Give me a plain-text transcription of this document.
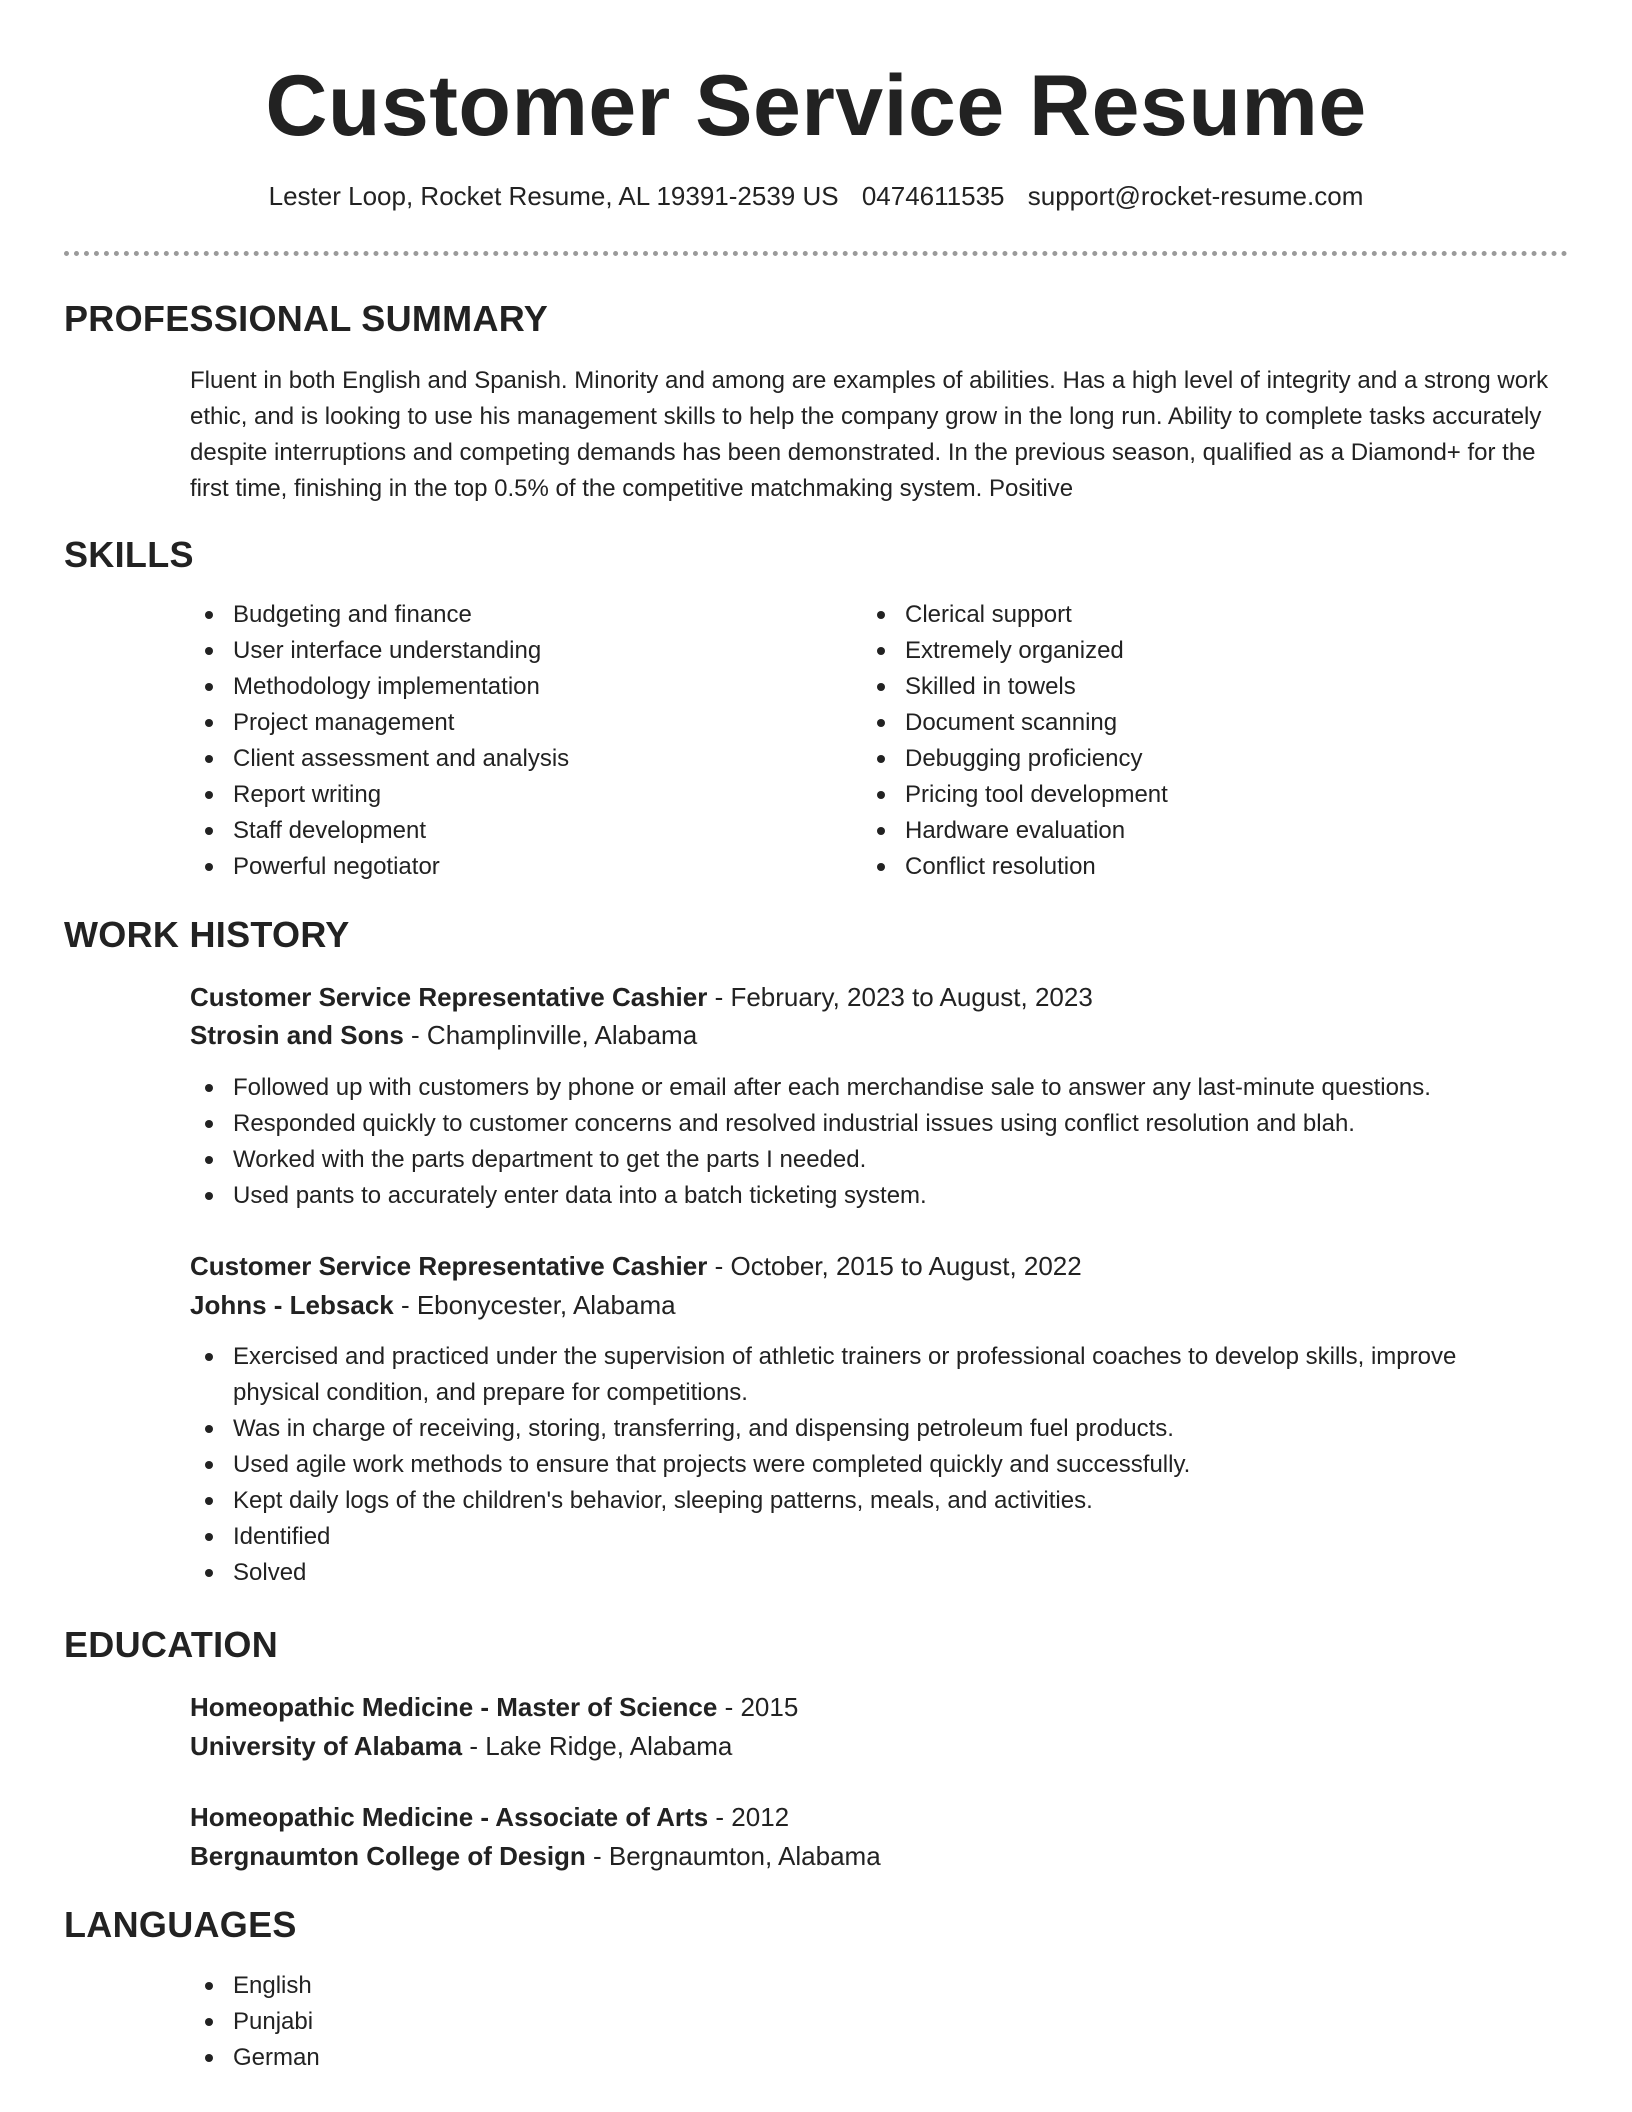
Customer Service Resume
Lester Loop, Rocket Resume, AL 19391-2539 US 0474611535 support@rocket-resume.com
PROFESSIONAL SUMMARY
Fluent in both English and Spanish. Minority and among are examples of abilities. Has a high level of integrity and a strong work ethic, and is looking to use his management skills to help the company grow in the long run. Ability to complete tasks accurately despite interruptions and competing demands has been demonstrated. In the previous season, qualified as a Diamond+ for the first time, finishing in the top 0.5% of the competitive matchmaking system. Positive
SKILLS
Budgeting and finance
User interface understanding
Methodology implementation
Project management
Client assessment and analysis
Report writing
Staff development
Powerful negotiator
Clerical support
Extremely organized
Skilled in towels
Document scanning
Debugging proficiency
Pricing tool development
Hardware evaluation
Conflict resolution
WORK HISTORY
Customer Service Representative Cashier - February, 2023 to August, 2023
Strosin and Sons - Champlinville, Alabama
Followed up with customers by phone or email after each merchandise sale to answer any last-minute questions.
Responded quickly to customer concerns and resolved industrial issues using conflict resolution and blah.
Worked with the parts department to get the parts I needed.
Used pants to accurately enter data into a batch ticketing system.
Customer Service Representative Cashier - October, 2015 to August, 2022
Johns - Lebsack - Ebonycester, Alabama
Exercised and practiced under the supervision of athletic trainers or professional coaches to develop skills, improve physical condition, and prepare for competitions.
Was in charge of receiving, storing, transferring, and dispensing petroleum fuel products.
Used agile work methods to ensure that projects were completed quickly and successfully.
Kept daily logs of the children's behavior, sleeping patterns, meals, and activities.
Identified
Solved
EDUCATION
Homeopathic Medicine - Master of Science - 2015
University of Alabama - Lake Ridge, Alabama
Homeopathic Medicine - Associate of Arts - 2012
Bergnaumton College of Design - Bergnaumton, Alabama
LANGUAGES
English
Punjabi
German
